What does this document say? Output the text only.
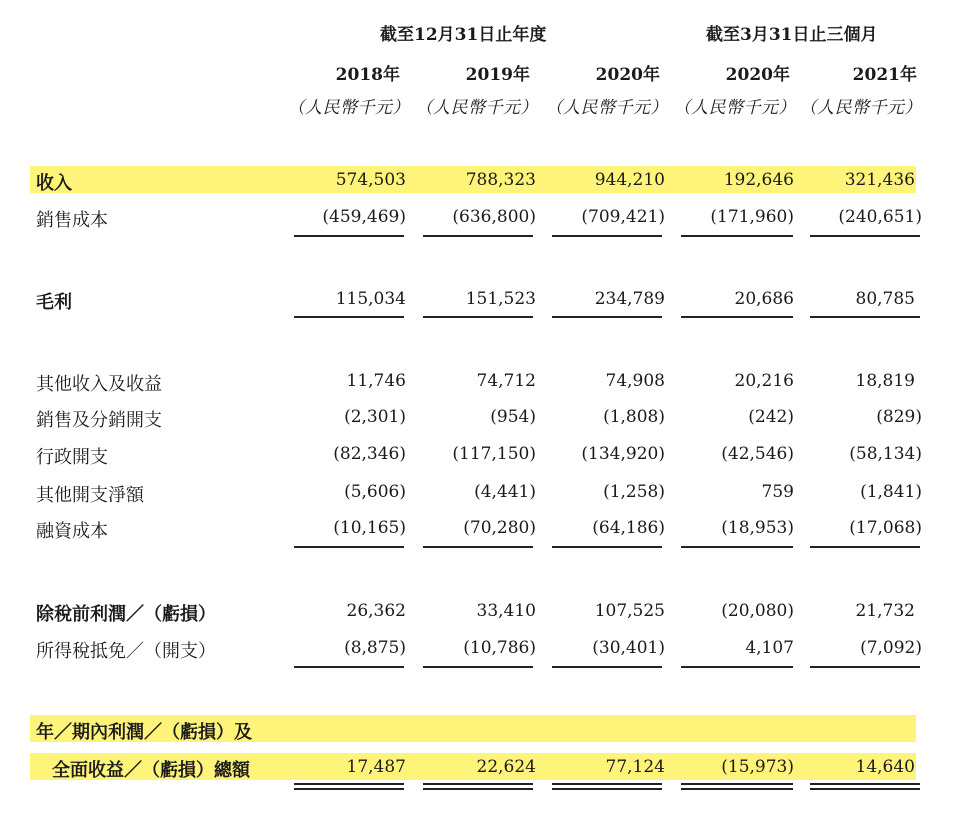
截至12月31日止年度	截至3月31日止三個月
2018年	2019年	2020年	2020年	2021年
（人民幣千元） （人民幣千元） （人民幣千元） （人民幣千元） （人民幣千元）
收入	574,503	788,323	944,210	192,646	321,436
銷售成本	(459,469)	(636,800)	(709,421)	(171,960)	(240,651)
毛利	115,034	151,523	234,789	20,686	80,785
其他收入及收益	11,746	74,712	74,908	20,216	18,819
銷售及分銷開支	(2,301)	(954)	(1,808)	(242)	(829)
行政開支	(82,346)	(117,150)	(134,920)	(42,546)	(58,134)
其他開支淨額	(5,606)	(4,441)	(1,258)	759	(1,841)
融資成本	(10,165)	(70,280)	(64,186)	(18,953)	(17,068)
除稅前利潤／（虧損）	26,362	33,410	107,525	(20,080)	21,732
所得稅抵免／（開支）	(8,875)	(10,786)	(30,401)	4,107	(7,092)
年／期內利潤／（虧損）及
全面收益／（虧損）總額	17,487	22,624	77,124	(15,973)	14,640
